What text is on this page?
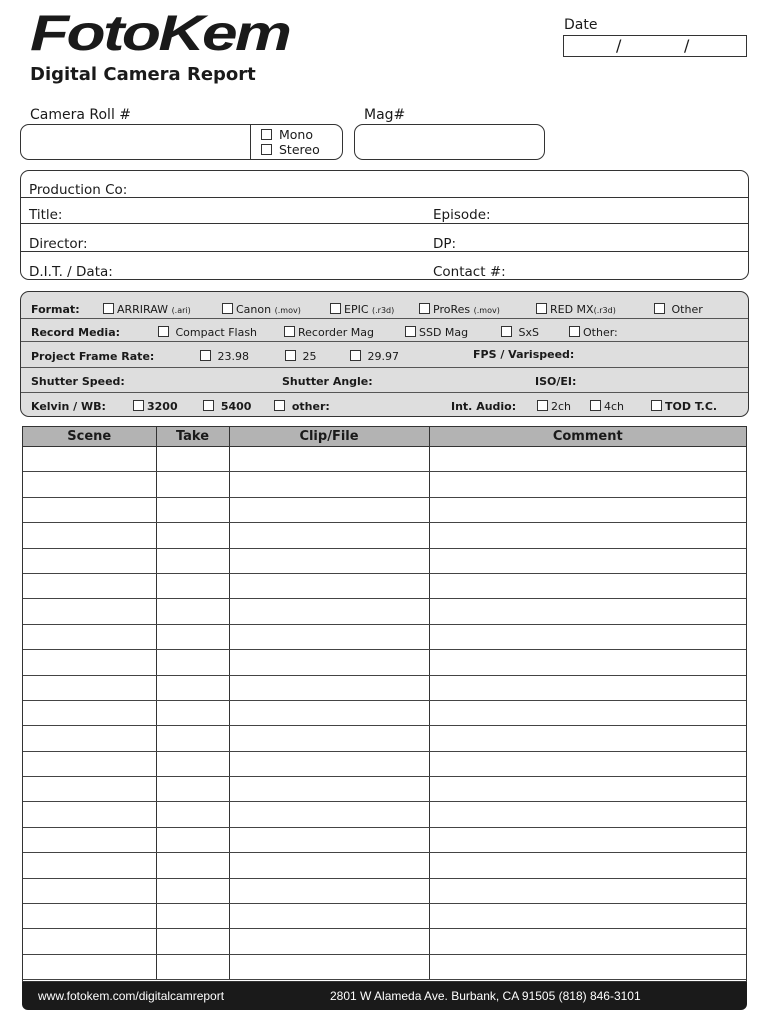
FotoKem
Digital Camera Report
Date
/	/
Camera Roll #
Mono
Stereo
Mag#
Production Co:
Title:	Episode:
Director:	DP:
D.I.T. / Data:	Contact #:
Format:	ARRIRAW (.ari)	Canon (.mov)	EPIC (.r3d)	ProRes (.mov)	RED MX(.r3d)	Other
Record Media:	Compact Flash	Recorder Mag	SSD Mag	SxS	Other:
Project Frame Rate:	23.98	25	29.97	FPS / Varispeed:
Shutter Speed:	Shutter Angle:	ISO/EI:
Kelvin / WB:	3200	5400	other:	Int. Audio:	2ch	4ch	TOD T.C.
Scene	Take	Clip/File	Comment

www.fotokem.com/digitalcamreport	2801 W Alameda Ave. Burbank, CA 91505 (818) 846-3101
